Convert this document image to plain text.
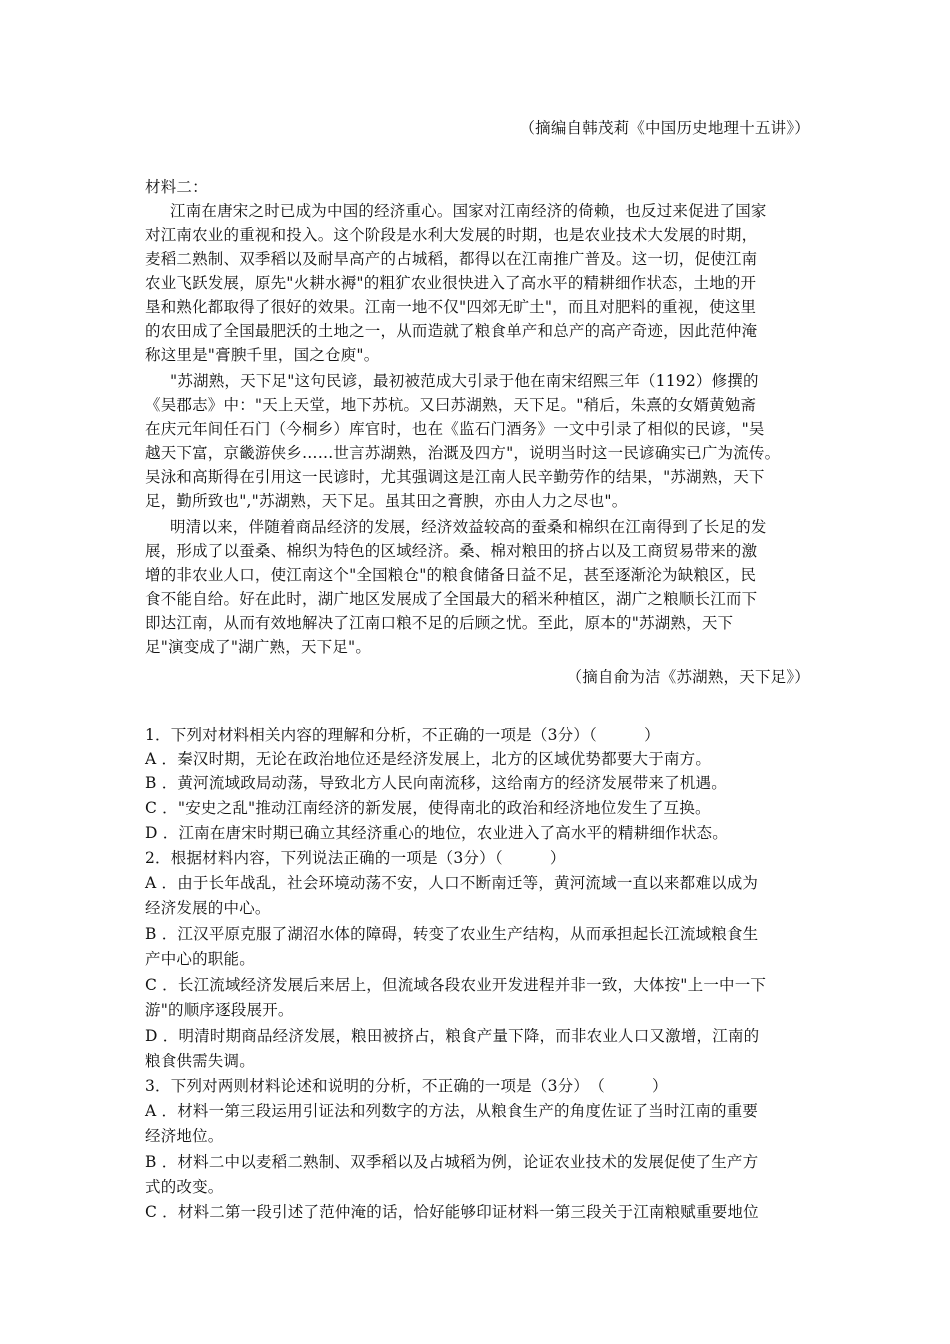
（摘编自韩茂莉《中国历史地理十五讲》）
材料二：
江南在唐宋之时已成为中国的经济重心。国家对江南经济的倚赖，也反过来促进了国家
对江南农业的重视和投入。这个阶段是水利大发展的时期，也是农业技术大发展的时期，
麦稻二熟制、双季稻以及耐旱高产的占城稻，都得以在江南推广普及。这一切，促使江南
农业飞跃发展，原先"火耕水褥"的粗犷农业很快进入了高水平的精耕细作状态，土地的开
垦和熟化都取得了很好的效果。江南一地不仅"四郊无旷土"，而且对肥料的重视，使这里
的农田成了全国最肥沃的土地之一，从而造就了粮食单产和总产的高产奇迹，因此范仲淹
称这里是"膏腴千里，国之仓庾"。
"苏湖熟，天下足"这句民谚，最初被范成大引录于他在南宋绍熙三年（1192）修撰的
《吴郡志》中："天上天堂，地下苏杭。又曰苏湖熟，天下足。"稍后，朱熹的女婿黄勉斋
在庆元年间任石门（今桐乡）库官时，也在《监石门酒务》一文中引录了相似的民谚，"吴
越天下富，京畿游侠乡……世言苏湖熟，治溉及四方"，说明当时这一民谚确实已广为流传。
吴泳和高斯得在引用这一民谚时，尤其强调这是江南人民辛勤劳作的结果，"苏湖熟，天下
足，勤所致也","苏湖熟，天下足。虽其田之膏腴，亦由人力之尽也"。
明清以来，伴随着商品经济的发展，经济效益较高的蚕桑和棉织在江南得到了长足的发
展，形成了以蚕桑、棉织为特色的区域经济。桑、棉对粮田的挤占以及工商贸易带来的激
增的非农业人口，使江南这个"全国粮仓"的粮食储备日益不足，甚至逐渐沦为缺粮区，民
食不能自给。好在此时，湖广地区发展成了全国最大的稻米种植区，湖广之粮顺长江而下
即达江南，从而有效地解决了江南口粮不足的后顾之忧。至此，原本的"苏湖熟，天下
足"演变成了"湖广熟，天下足"。
（摘自俞为洁《苏湖熟，天下足》）
1．下列对材料相关内容的理解和分析，不正确的一项是（3分）（　　　）
A ．秦汉时期，无论在政治地位还是经济发展上，北方的区域优势都要大于南方。
B ．黄河流域政局动荡，导致北方人民向南流移，这给南方的经济发展带来了机遇。
C ．"安史之乱"推动江南经济的新发展，使得南北的政治和经济地位发生了互换。
D ．江南在唐宋时期已确立其经济重心的地位，农业进入了高水平的精耕细作状态。
2．根据材料内容，下列说法正确的一项是（3分）（　　　）
A ．由于长年战乱，社会环境动荡不安，人口不断南迁等，黄河流域一直以来都难以成为
经济发展的中心。
B ．江汉平原克服了湖沼水体的障碍，转变了农业生产结构，从而承担起长江流域粮食生
产中心的职能。
C ．长江流域经济发展后来居上，但流域各段农业开发进程并非一致，大体按"上一中一下
游"的顺序逐段展开。
D ．明清时期商品经济发展，粮田被挤占，粮食产量下降，而非农业人口又激增，江南的
粮食供需失调。
3．下列对两则材料论述和说明的分析，不正确的一项是（3分）　（　　　）
A ．材料一第三段运用引证法和列数字的方法，从粮食生产的角度佐证了当时江南的重要
经济地位。
B ．材料二中以麦稻二熟制、双季稻以及占城稻为例，论证农业技术的发展促使了生产方
式的改变。
C ．材料二第一段引述了范仲淹的话，恰好能够印证材料一第三段关于江南粮赋重要地位
